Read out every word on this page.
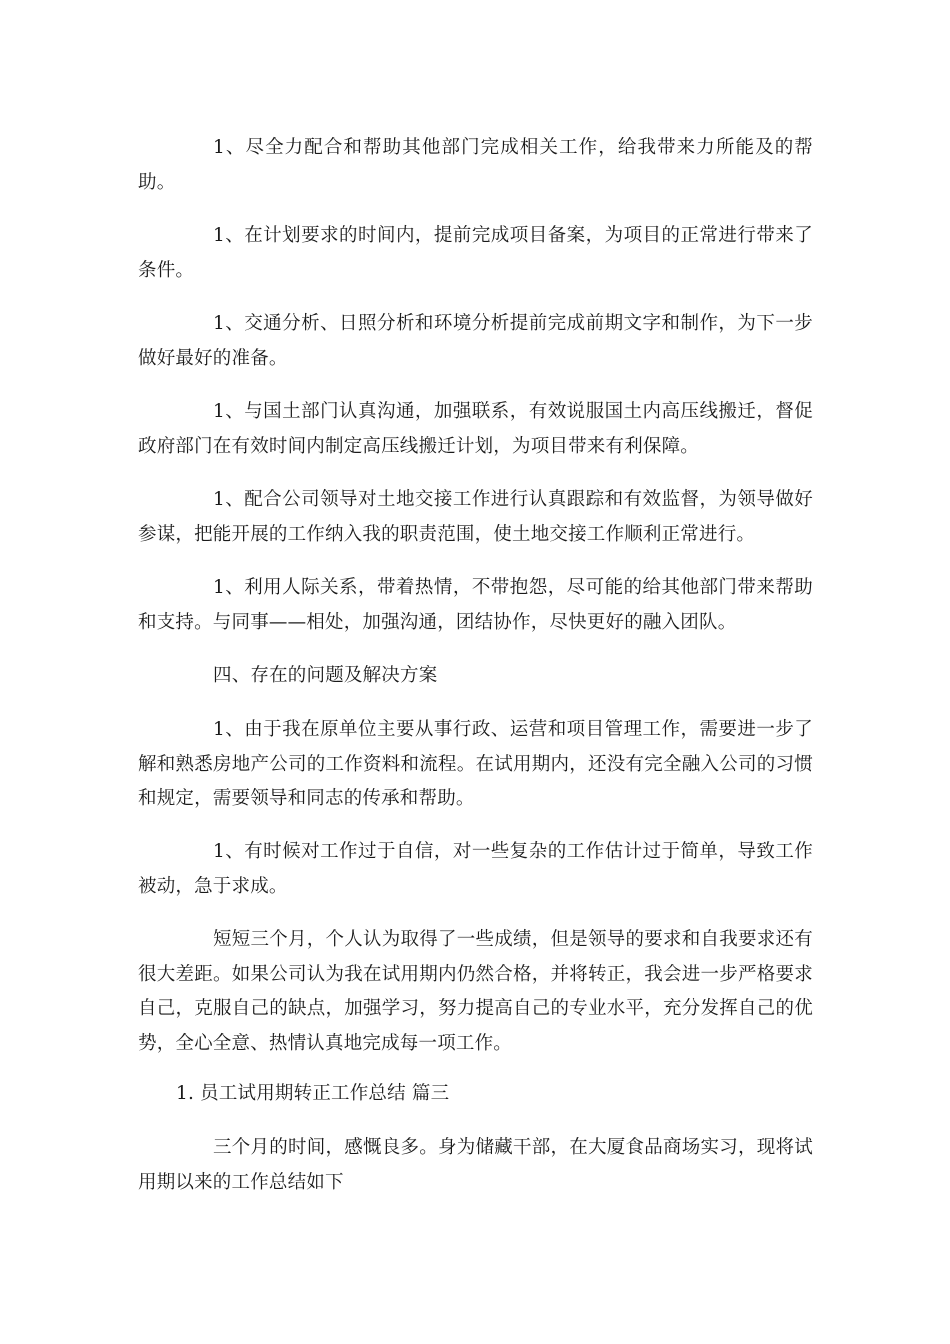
1、尽全力配合和帮助其他部门完成相关工作，给我带来力所能及的帮助。

1、在计划要求的时间内，提前完成项目备案，为项目的正常进行带来了条件。

1、交通分析、日照分析和环境分析提前完成前期文字和制作，为下一步做好最好的准备。

1、与国土部门认真沟通，加强联系，有效说服国土内高压线搬迁，督促政府部门在有效时间内制定高压线搬迁计划，为项目带来有利保障。

1、配合公司领导对土地交接工作进行认真跟踪和有效监督，为领导做好参谋，把能开展的工作纳入我的职责范围，使土地交接工作顺利正常进行。

1、利用人际关系，带着热情，不带抱怨，尽可能的给其他部门带来帮助和支持。与同事——相处，加强沟通，团结协作，尽快更好的融入团队。

四、存在的问题及解决方案

1、由于我在原单位主要从事行政、运营和项目管理工作，需要进一步了解和熟悉房地产公司的工作资料和流程。在试用期内，还没有完全融入公司的习惯和规定，需要领导和同志的传承和帮助。

1、有时候对工作过于自信，对一些复杂的工作估计过于简单，导致工作被动，急于求成。

短短三个月，个人认为取得了一些成绩，但是领导的要求和自我要求还有很大差距。如果公司认为我在试用期内仍然合格，并将转正，我会进一步严格要求自己，克服自己的缺点，加强学习，努力提高自己的专业水平，充分发挥自己的优势，全心全意、热情认真地完成每一项工作。

1. 员工试用期转正工作总结 篇三

三个月的时间，感慨良多。身为储藏干部，在大厦食品商场实习，现将试用期以来的工作总结如下
